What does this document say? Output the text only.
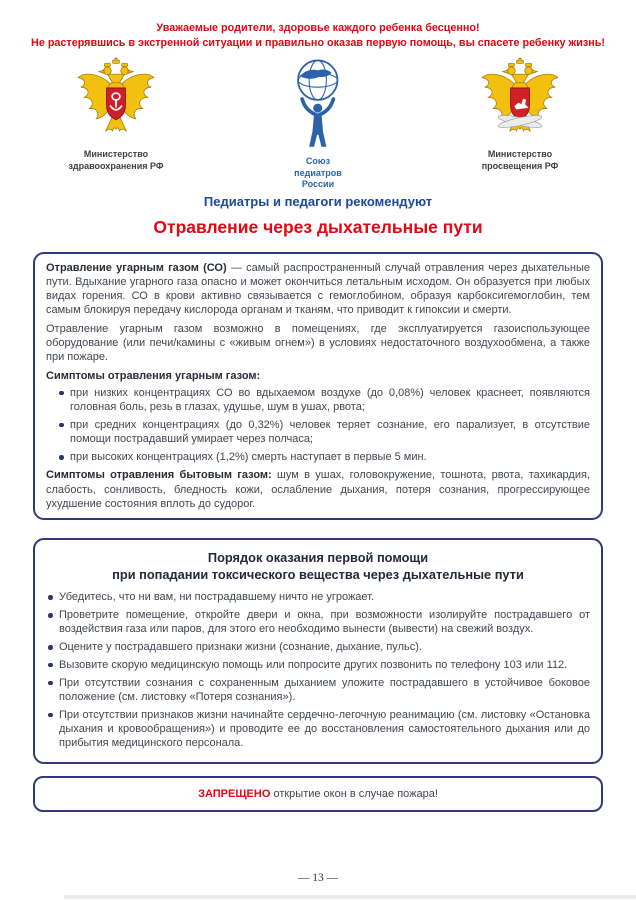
Уважаемые родители, здоровье каждого ребенка бесценно!
Не растерявшись в экстренной ситуации и правильно оказав первую помощь, вы спасете ребенку жизнь!
Министерство здравоохранения РФ	Союз педиатров России
Министерство просвещения РФ
Педиатры и педагоги рекомендуют
Отравление через дыхательные пути

Отравление угарным газом (СО) — самый распространенный случай отравления через дыхательные пути. Вдыхание угарного газа опасно и может окончиться летальным исходом. Он образуется при любых видах горения. СО в крови активно связывается с гемоглобином, образуя карбоксигемоглобин, тем самым блокируя передачу кислорода органам и тканям, что приводит к гипоксии и смерти.

Отравление угарным газом возможно в помещениях, где эксплуатируется газоиспользующее оборудование (или печи/камины с «живым огнем») в условиях недостаточного воздухообмена, а также при пожаре.

Симптомы отравления угарным газом:
при низких концентрациях СО во вдыхаемом воздухе (до 0,08%) человек краснеет, появляются головная боль, резь в глазах, удушье, шум в ушах, рвота;
при средних концентрациях (до 0,32%) человек теряет сознание, его парализует, в отсутствие помощи пострадавший умирает через полчаса;
при высоких концентрациях (1,2%) смерть наступает в первые 5 мин.

Симптомы отравления бытовым газом: шум в ушах, головокружение, тошнота, рвота, тахикардия, слабость, сонливость, бледность кожи, ослабление дыхания, потеря сознания, прогрессирующее ухудшение состояния вплоть до судорог.

Порядок оказания первой помощи
при попадании токсического вещества через дыхательные пути
Убедитесь, что ни вам, ни пострадавшему ничто не угрожает.
Проветрите помещение, откройте двери и окна, при возможности изолируйте пострадавшего от воздействия газа или паров, для этого его необходимо вынести (вывести) на свежий воздух.
Оцените у пострадавшего признаки жизни (сознание, дыхание, пульс).
Вызовите скорую медицинскую помощь или попросите других позвонить по телефону 103 или 112.
При отсутствии сознания с сохраненным дыханием уложите пострадавшего в устойчивое боковое положение (см. листовку «Потеря сознания»).
При отсутствии признаков жизни начинайте сердечно-легочную реанимацию (см. листовку «Остановка дыхания и кровообращения») и проводите ее до восстановления самостоятельного дыхания или до прибытия медицинского персонала.
ЗАПРЕЩЕНО открытие окон в случае пожара!
— 13 —
